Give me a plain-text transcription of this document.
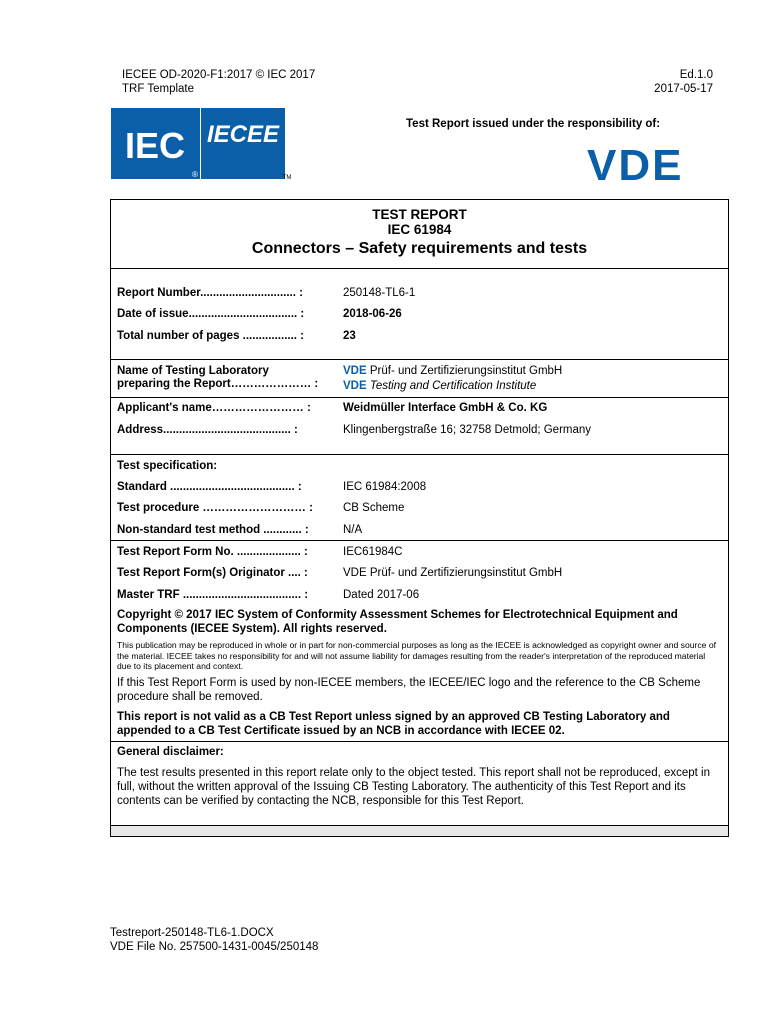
IECEE OD-2020-F1:2017 © IEC 2017
TRF Template
Ed.1.0
2017-05-17
IEC
®
IECEE
TM
Test Report issued under the responsibility of:
VDE
TEST REPORT
IEC 61984
Connectors – Safety requirements and tests
Report Number.............................. :	250148-TL6-1
Date of issue.................................. :	2018-06-26
Total number of pages ................. :	23
Name of Testing Laboratory
preparing the Report………………… :
VDE Prüf- und Zertifizierungsinstitut GmbH
VDE Testing and Certification Institute
Applicant's name…………………… :	Weidmüller Interface GmbH & Co. KG
Address........................................ :	Klingenbergstraße 16; 32758 Detmold; Germany
Test specification:
Standard ....................................... :	IEC 61984:2008
Test procedure ……………………… :	CB Scheme
Non-standard test method ............ :	N/A
Test Report Form No. .................... :	IEC61984C
Test Report Form(s) Originator .... :	VDE Prüf- und Zertifizierungsinstitut GmbH
Master TRF ..................................... :	Dated 2017-06
Copyright © 2017 IEC System of Conformity Assessment Schemes for Electrotechnical Equipment and Components (IECEE System). All rights reserved.
This publication may be reproduced in whole or in part for non-commercial purposes as long as the IECEE is acknowledged as copyright owner and source of the material. IECEE takes no responsibility for and will not assume liability for damages resulting from the reader's interpretation of the reproduced material due to its placement and context.
If this Test Report Form is used by non-IECEE members, the IECEE/IEC logo and the reference to the CB Scheme procedure shall be removed.
This report is not valid as a CB Test Report unless signed by an approved CB Testing Laboratory and appended to a CB Test Certificate issued by an NCB in accordance with IECEE 02.
General disclaimer:
The test results presented in this report relate only to the object tested. This report shall not be reproduced, except in full, without the written approval of the Issuing CB Testing Laboratory. The authenticity of this Test Report and its contents can be verified by contacting the NCB, responsible for this Test Report.
Testreport-250148-TL6-1.DOCX
VDE File No. 257500-1431-0045/250148
